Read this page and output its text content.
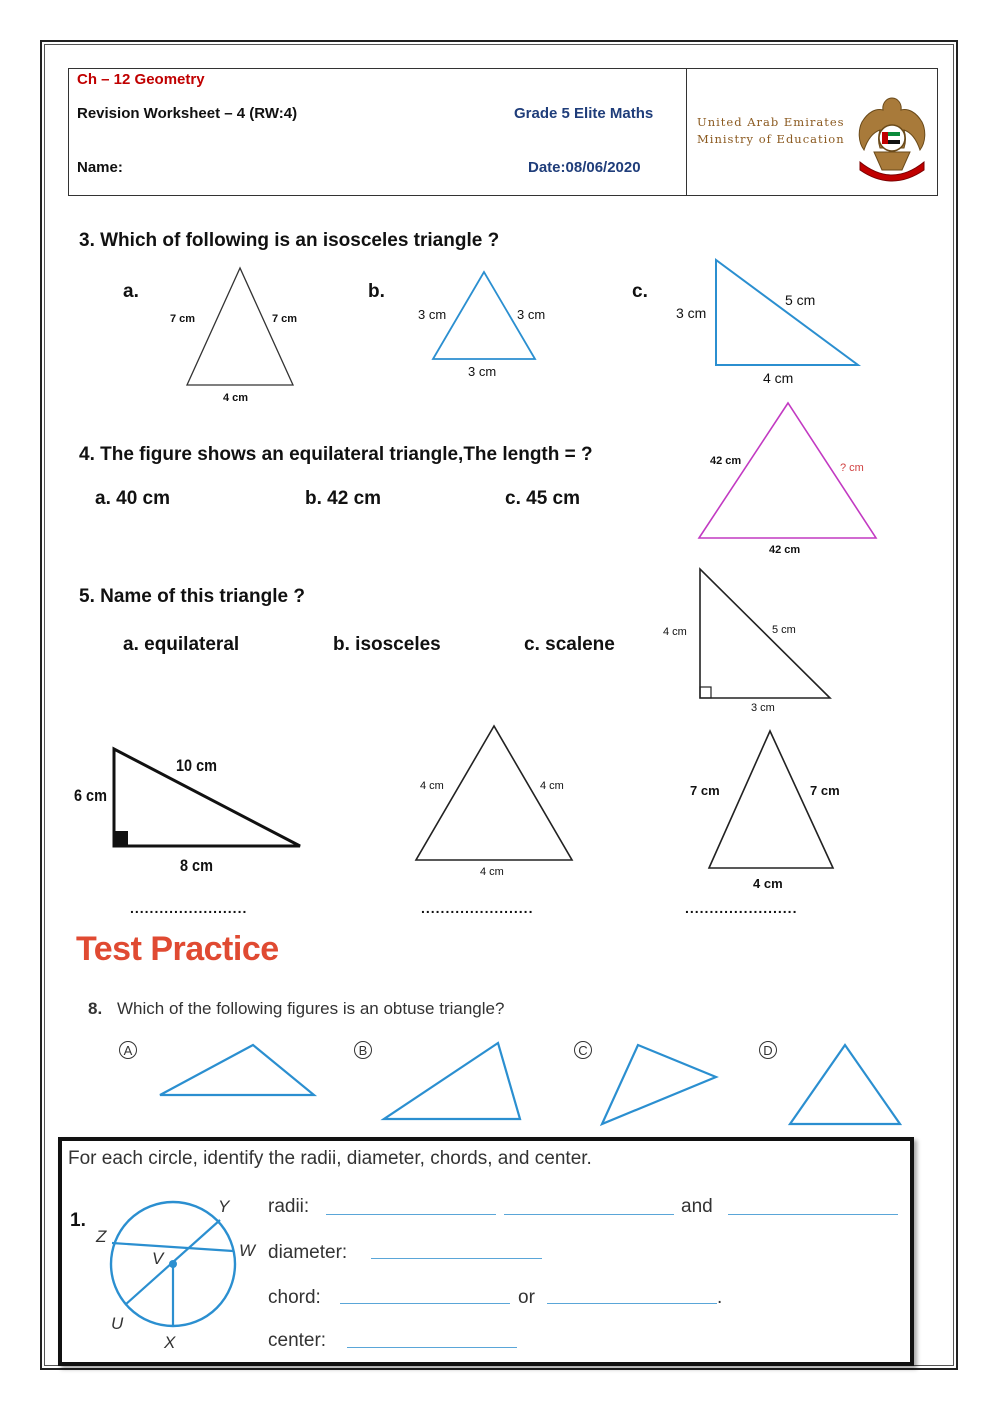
Ch – 12 Geometry
Revision Worksheet – 4 (RW:4)	Grade 5 Elite Maths
Name:	Date:08/06/2020
United Arab Emirates
Ministry of Education
3. Which of following is an isosceles triangle ?
a.	b.	c.
7 cm	7 cm
4 cm
3 cm	3 cm
3 cm
3 cm
5 cm
4 cm
4. The figure shows an equilateral triangle,The length = ?
a. 40 cm	b. 42 cm	c. 45 cm
42 cm
? cm
42 cm
5. Name of this triangle ?
a. equilateral	b. isosceles	c. scalene
4 cm	5 cm
3 cm
6 cm
10 cm
8 cm
4 cm	4 cm
4 cm
7 cm	7 cm
4 cm
........................	.......................	.......................
Test Practice
8. Which of the following figures is an obtuse triangle?
A	B	C	D
For each circle, identify the radii, diameter, chords, and center.
1.
Y
Z
W
V
U
X
radii:	and
diameter:
chord:	or	.
center:
